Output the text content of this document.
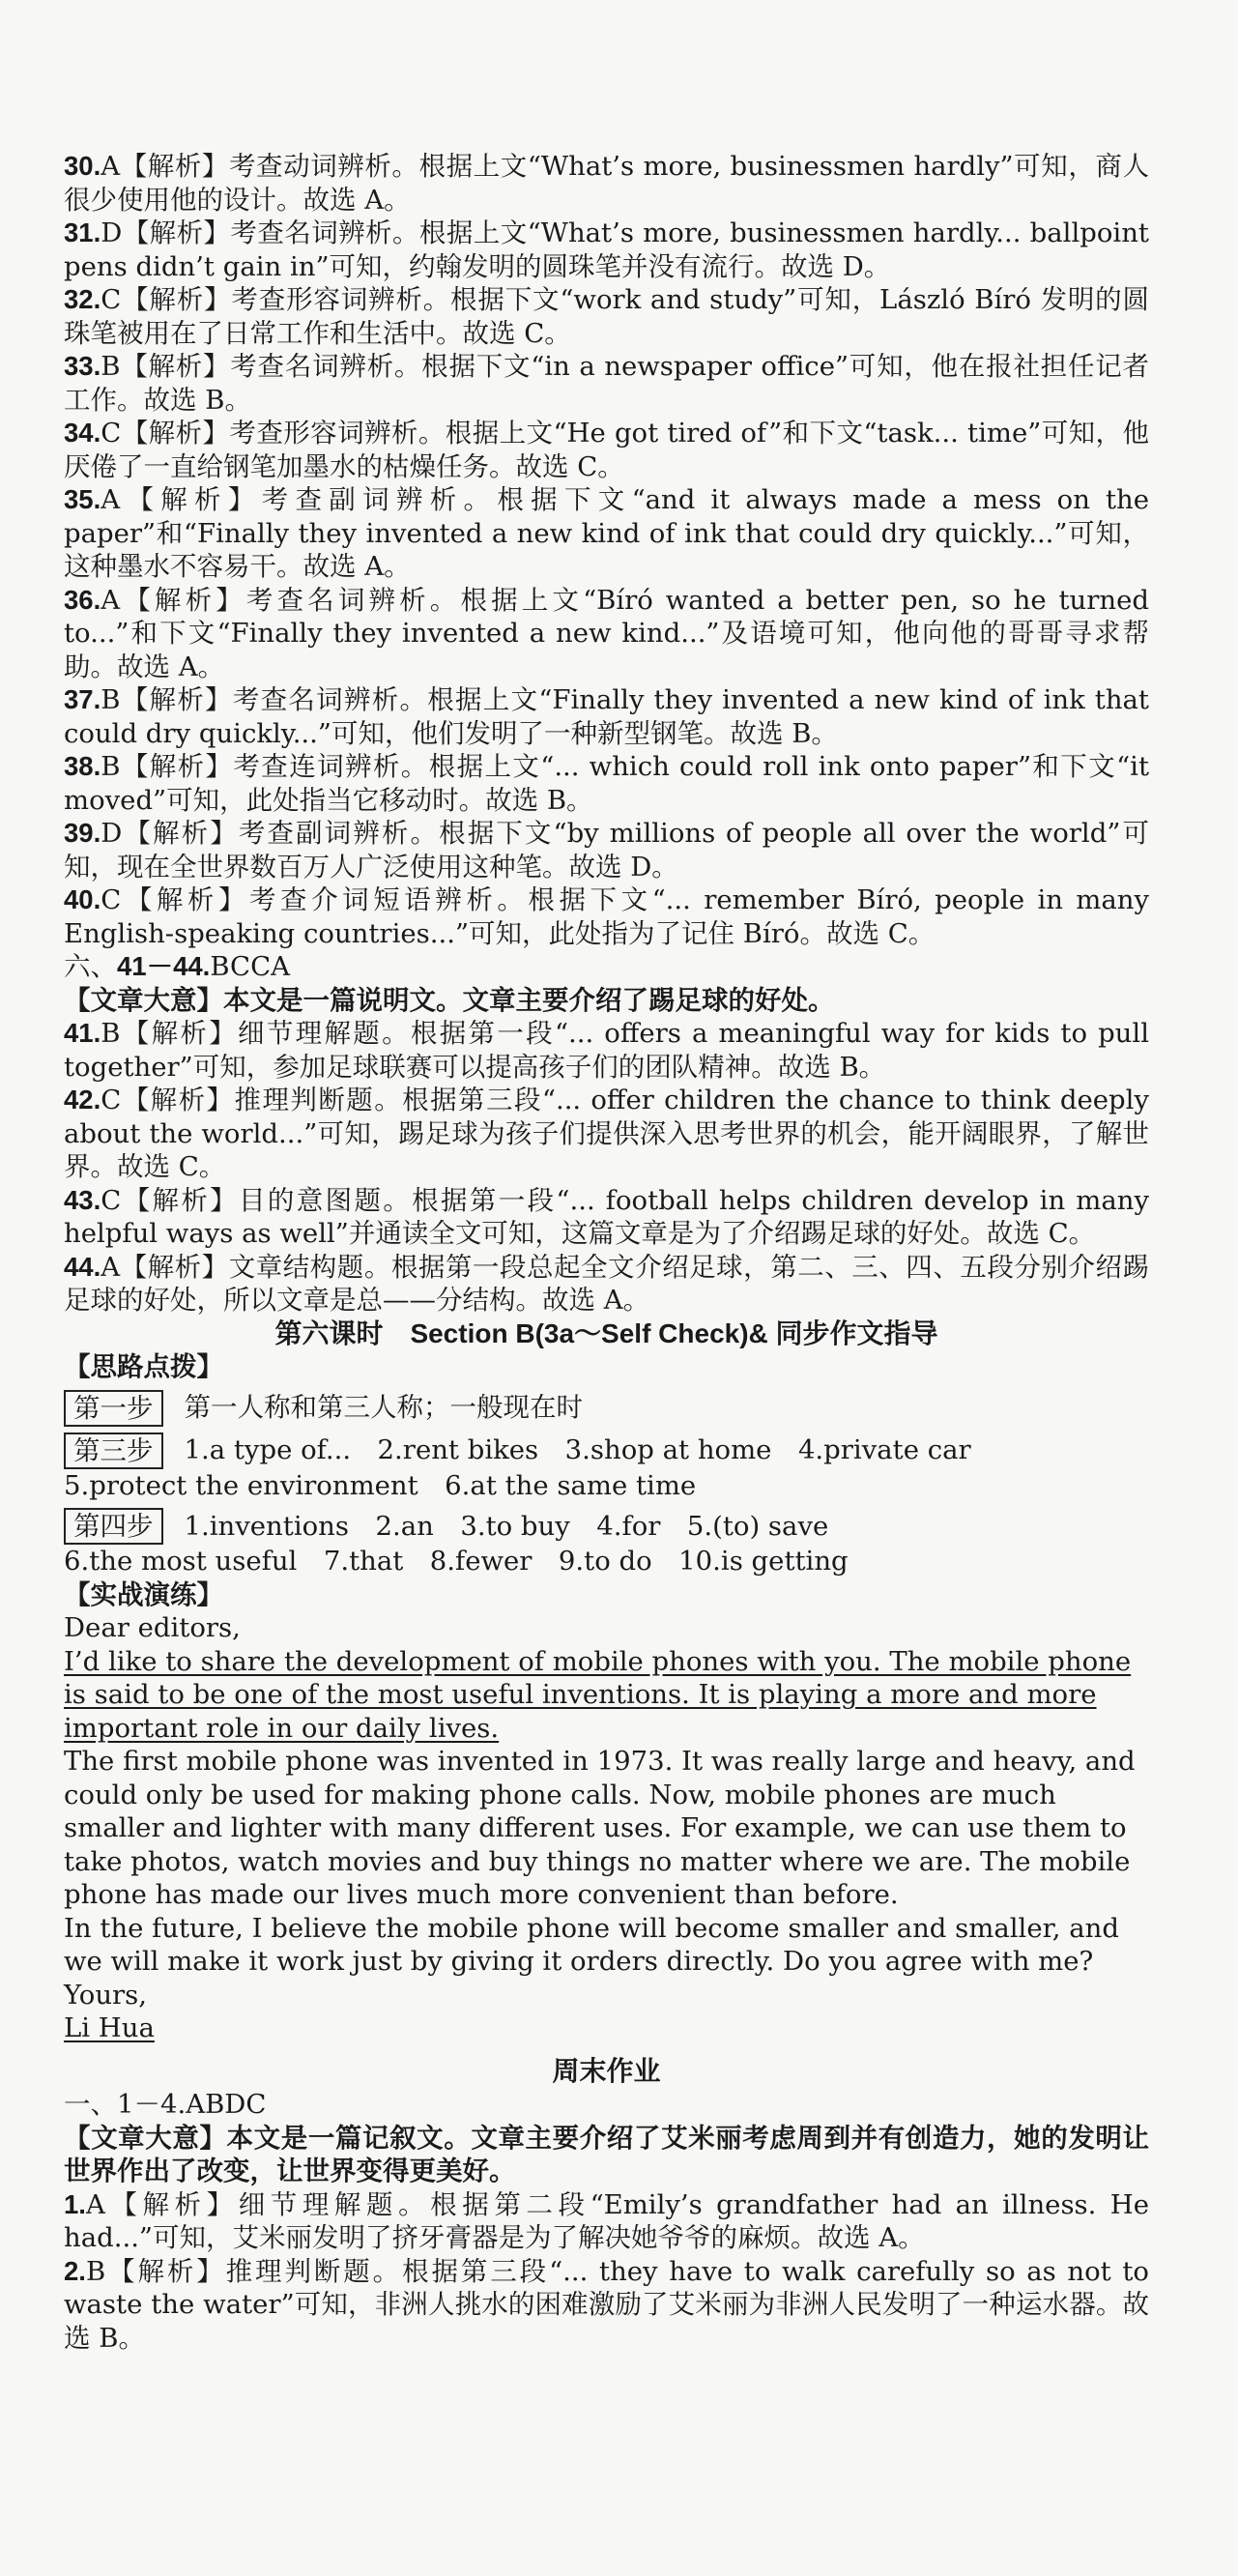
30.A【解析】考查动词辨析。根据上文“What’s more, businessmen hardly”可知，商人很少使用他的设计。故选 A。

31.D【解析】考查名词辨析。根据上文“What’s more, businessmen hardly... ballpoint pens didn’t gain in”可知，约翰发明的圆珠笔并没有流行。故选 D。

32.C【解析】考查形容词辨析。根据下文“work and study”可知，László Bíró 发明的圆珠笔被用在了日常工作和生活中。故选 C。

33.B【解析】考查名词辨析。根据下文“in a newspaper office”可知，他在报社担任记者工作。故选 B。

34.C【解析】考查形容词辨析。根据上文“He got tired of”和下文“task... time”可知，他厌倦了一直给钢笔加墨水的枯燥任务。故选 C。

35.A【解析】考查副词辨析。根据下文“and it always made a mess on the paper”和“Finally they invented a new kind of ink that could dry quickly...”可知，这种墨水不容易干。故选 A。

36.A【解析】考查名词辨析。根据上文“Bíró wanted a better pen, so he turned to...”和下文“Finally they invented a new kind...”及语境可知，他向他的哥哥寻求帮助。故选 A。

37.B【解析】考查名词辨析。根据上文“Finally they invented a new kind of ink that could dry quickly...”可知，他们发明了一种新型钢笔。故选 B。

38.B【解析】考查连词辨析。根据上文“... which could roll ink onto paper”和下文“it moved”可知，此处指当它移动时。故选 B。

39.D【解析】考查副词辨析。根据下文“by millions of people all over the world”可知，现在全世界数百万人广泛使用这种笔。故选 D。

40.C【解析】考查介词短语辨析。根据下文“... remember Bíró, people in many English-speaking countries...”可知，此处指为了记住 Bíró。故选 C。

六、41－44.BCCA

【文章大意】本文是一篇说明文。文章主要介绍了踢足球的好处。

41.B【解析】细节理解题。根据第一段“... offers a meaningful way for kids to pull together”可知，参加足球联赛可以提高孩子们的团队精神。故选 B。

42.C【解析】推理判断题。根据第三段“... offer children the chance to think deeply about the world...”可知，踢足球为孩子们提供深入思考世界的机会，能开阔眼界，了解世界。故选 C。

43.C【解析】目的意图题。根据第一段“... football helps children develop in many helpful ways as well”并通读全文可知，这篇文章是为了介绍踢足球的好处。故选 C。

44.A【解析】文章结构题。根据第一段总起全文介绍足球，第二、三、四、五段分别介绍踢足球的好处，所以文章是总——分结构。故选 A。

第六课时　Section B(3a～Self Check)& 同步作文指导

【思路点拨】

第一步	第一人称和第三人称；一般现在时
第三步	1.a type of...　2.rent bikes　3.shop at home　4.private car

5.protect the environment　6.at the same time

第四步	1.inventions　2.an　3.to buy　4.for　5.(to) save

6.the most useful　7.that　8.fewer　9.to do　10.is getting

【实战演练】

Dear editors,

I’d like to share the development of mobile phones with you. The mobile phone is said to be one of the most useful inventions. It is playing a more and more important role in our daily lives.

The first mobile phone was invented in 1973. It was really large and heavy, and could only be used for making phone calls. Now, mobile phones are much smaller and lighter with many different uses. For example, we can use them to take photos, watch movies and buy things no matter where we are. The mobile phone has made our lives much more convenient than before.

In the future, I believe the mobile phone will become smaller and smaller, and we will make it work just by giving it orders directly. Do you agree with me?

Yours,

Li Hua

周末作业

一、1－4.ABDC

【文章大意】本文是一篇记叙文。文章主要介绍了艾米丽考虑周到并有创造力，她的发明让世界作出了改变，让世界变得更美好。

1.A【解析】细节理解题。根据第二段“Emily’s grandfather had an illness. He had...”可知，艾米丽发明了挤牙膏器是为了解决她爷爷的麻烦。故选 A。

2.B【解析】推理判断题。根据第三段“... they have to walk carefully so as not to waste the water”可知，非洲人挑水的困难激励了艾米丽为非洲人民发明了一种运水器。故选 B。
